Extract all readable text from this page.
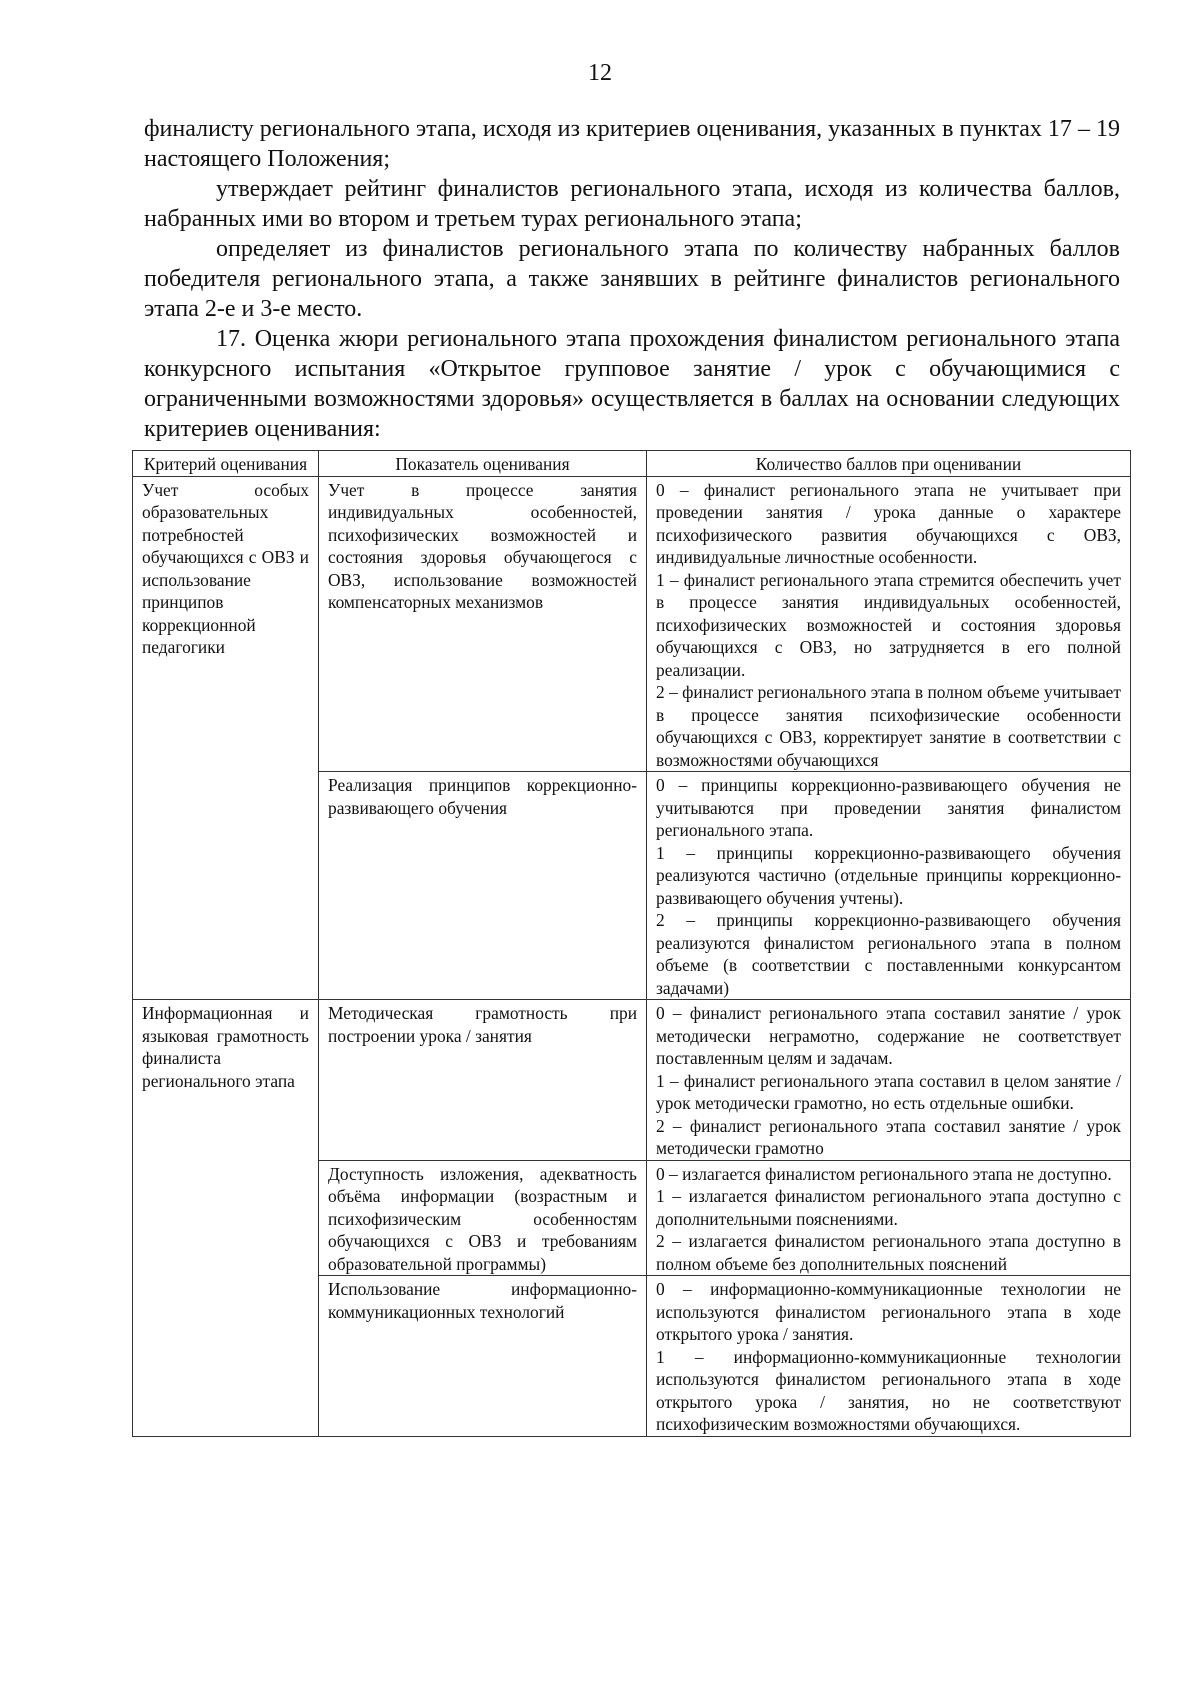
12

финалисту регионального этапа, исходя из критериев оценивания, указанных в пунктах 17 – 19 настоящего Положения;

утверждает рейтинг финалистов регионального этапа, исходя из количества баллов, набранных ими во втором и третьем турах регионального этапа;

определяет из финалистов регионального этапа по количеству набранных баллов победителя регионального этапа, а также занявших в рейтинге финалистов регионального этапа 2-е и 3-е место.

17. Оценка жюри регионального этапа прохождения финалистом регионального этапа конкурсного испытания «Открытое групповое занятие / урок с обучающимися с ограниченными возможностями здоровья» осуществляется в баллах на основании следующих критериев оценивания:

Критерий оценивания	Показатель оценивания	Количество баллов при оценивании
Учет особых образовательных потребностей обучающихся с ОВЗ и использование принципов коррекционной педагогики	Учет в процессе занятия индивидуальных особенностей, психофизических возможностей и состояния здоровья обучающегося с ОВЗ, использование возможностей компенсаторных механизмов	0 – финалист регионального этапа не учитывает при проведении занятия / урока данные о характере психофизического развития обучающихся с ОВЗ, индивидуальные личностные особенности.

1 – финалист регионального этапа стремится обеспечить учет в процессе занятия индивидуальных особенностей, психофизических возможностей и состояния здоровья обучающихся с ОВЗ, но затрудняется в его полной реализации.

2 – финалист регионального этапа в полном объеме учитывает в процессе занятия психофизические особенности обучающихся с ОВЗ, корректирует занятие в соответствии с возможностями обучающихся

	Реализация принципов коррекционно-развивающего обучения	0 – принципы коррекционно-развивающего обучения не учитываются при проведении занятия финалистом регионального этапа.

1 – принципы коррекционно-развивающего обучения реализуются частично (отдельные принципы коррекционно-развивающего обучения учтены).

2 – принципы коррекционно-развивающего обучения реализуются финалистом регионального этапа в полном объеме (в соответствии с поставленными конкурсантом задачами)

Информационная и языковая грамотность финалиста регионального этапа	Методическая грамотность при построении урока / занятия	0 – финалист регионального этапа составил занятие / урок методически неграмотно, содержание не соответствует поставленным целям и задачам.

1 – финалист регионального этапа составил в целом занятие / урок методически грамотно, но есть отдельные ошибки.

2 – финалист регионального этапа составил занятие / урок методически грамотно

	Доступность изложения, адекватность объёма информации (возрастным и психофизическим особенностям обучающихся с ОВЗ и требованиям образовательной программы)	0 – излагается финалистом регионального этапа не доступно.

1 – излагается финалистом регионального этапа доступно с дополнительными пояснениями.

2 – излагается финалистом регионального этапа доступно в полном объеме без дополнительных пояснений

	Использование информационно-коммуникационных технологий	0 – информационно-коммуникационные технологии не используются финалистом регионального этапа в ходе открытого урока / занятия.

1 – информационно-коммуникационные технологии используются финалистом регионального этапа в ходе открытого урока / занятия, но не соответствуют психофизическим возможностями обучающихся.
